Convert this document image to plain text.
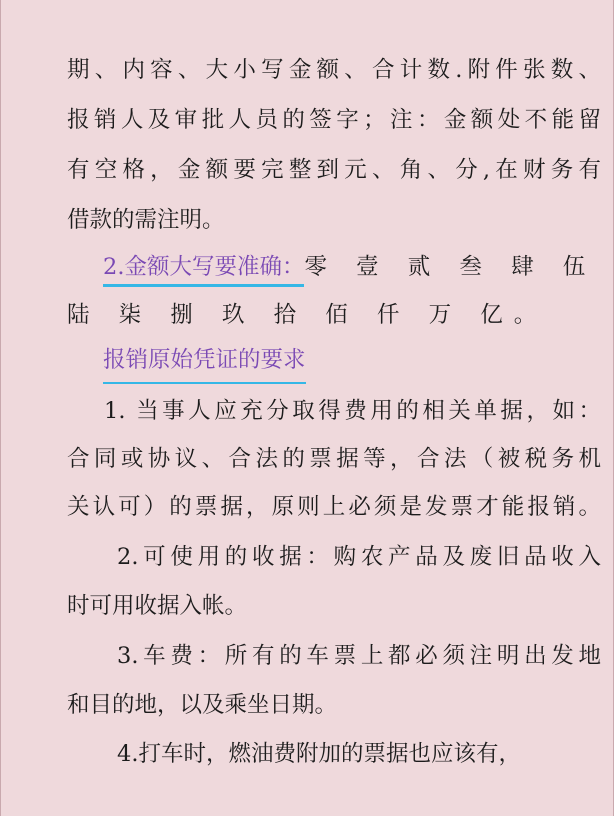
期、内容、大小写金额、合计数.附件张数、
报销人及审批人员的签字；注：金额处不能留
有空格，金额要完整到元、角、分,在财务有
借款的需注明。
2.金额大写要准确：
零 壹 贰 叁 肆 伍
陆 柒 捌 玖 拾 佰 仟 万 亿。
报销原始凭证的要求
1. 当事人应充分取得费用的相关单据，如：
合同或协议、合法的票据等，合法（被税务机
关认可）的票据，原则上必须是发票才能报销。
2.可使用的收据：购农产品及废旧品收入
时可用收据入帐。
3.车费：所有的车票上都必须注明出发地
和目的地，以及乘坐日期。
4.打车时，燃油费附加的票据也应该有，
